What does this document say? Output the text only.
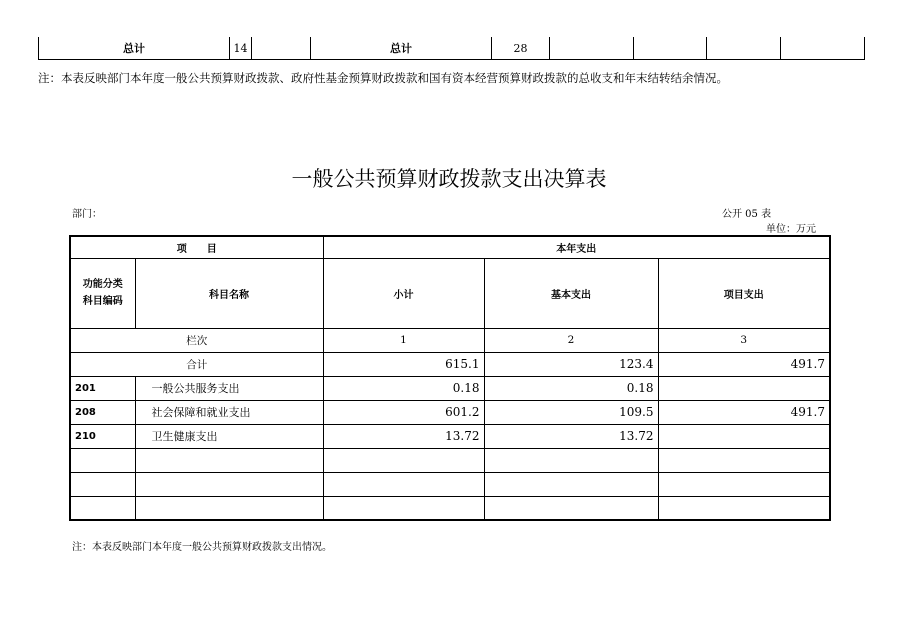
总计	14		总计	28				
注：本表反映部门本年度一般公共预算财政拨款、政府性基金预算财政拨款和国有资本经营预算财政拨款的总收支和年末结转结余情况。
一般公共预算财政拨款支出决算表
部门：	公开 05 表
单位：万元
项　　目		本年支出		
功能分类
科目编码	科目名称	小计	基本支出	项目支出
栏次		1	2	3
合计		615.1	123.4	491.7
201	一般公共服务支出	0.18	0.18	
208	社会保障和就业支出	601.2	109.5	491.7
210	卫生健康支出	13.72	13.72	

注：本表反映部门本年度一般公共预算财政拨款支出情况。
